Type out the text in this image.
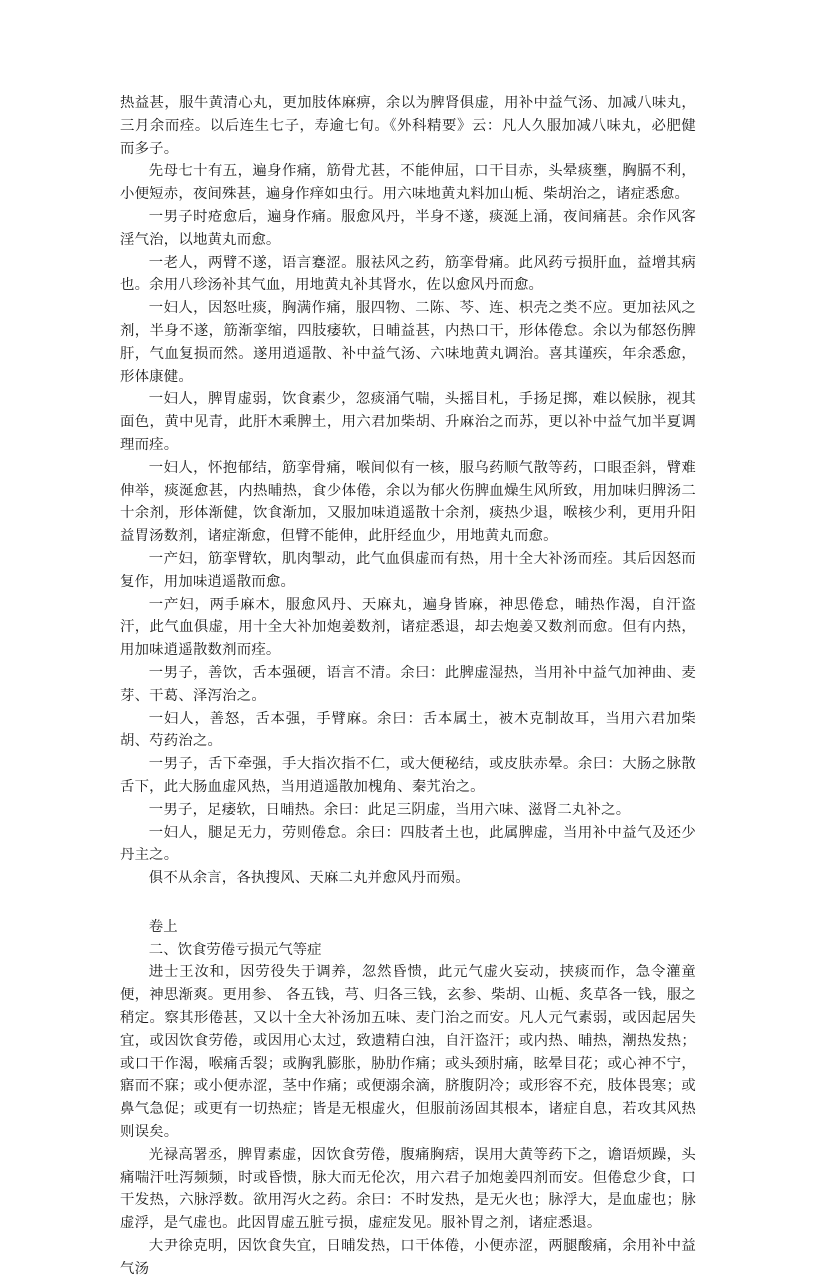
热益甚，服牛黄清心丸，更加肢体麻痹，余以为脾肾俱虚，用补中益气汤、加减八味丸，三月余而痊。以后连生七子，寿逾七旬。《外科精要》云：凡人久服加减八味丸，必肥健而多子。

先母七十有五，遍身作痛，筋骨尤甚，不能伸屈，口干目赤，头晕痰壅，胸膈不利，小便短赤，夜间殊甚，遍身作痒如虫行。用六味地黄丸料加山栀、柴胡治之，诸症悉愈。

一男子时疮愈后，遍身作痛。服愈风丹，半身不遂，痰涎上涌，夜间痛甚。余作风客淫气治，以地黄丸而愈。

一老人，两臂不遂，语言蹇涩。服祛风之药，筋挛骨痛。此风药亏损肝血，益增其病也。余用八珍汤补其气血，用地黄丸补其肾水，佐以愈风丹而愈。

一妇人，因怒吐痰，胸满作痛，服四物、二陈、芩、连、枳壳之类不应。更加祛风之剂，半身不遂，筋渐挛缩，四肢痿软，日晡益甚，内热口干，形体倦怠。余以为郁怒伤脾肝，气血复损而然。遂用逍遥散、补中益气汤、六味地黄丸调治。喜其谨疾，年余悉愈，形体康健。

一妇人，脾胃虚弱，饮食素少，忽痰涌气喘，头摇目札，手扬足掷，难以候脉，视其面色，黄中见青，此肝木乘脾土，用六君加柴胡、升麻治之而苏，更以补中益气加半夏调理而痊。

一妇人，怀抱郁结，筋挛骨痛，喉间似有一核，服乌药顺气散等药，口眼歪斜，臂难伸举，痰涎愈甚，内热晡热，食少体倦，余以为郁火伤脾血燥生风所致，用加味归脾汤二十余剂，形体渐健，饮食渐加，又服加味逍遥散十余剂，痰热少退，喉核少利，更用升阳益胃汤数剂，诸症渐愈，但臂不能伸，此肝经血少，用地黄丸而愈。

一产妇，筋挛臂软，肌肉掣动，此气血俱虚而有热，用十全大补汤而痊。其后因怒而复作，用加味逍遥散而愈。

一产妇，两手麻木，服愈风丹、天麻丸，遍身皆麻，神思倦怠，晡热作渴，自汗盗汗，此气血俱虚，用十全大补加炮姜数剂，诸症悉退，却去炮姜又数剂而愈。但有内热，用加味逍遥散数剂而痊。

一男子，善饮，舌本强硬，语言不清。余曰：此脾虚湿热，当用补中益气加神曲、麦芽、干葛、泽泻治之。

一妇人，善怒，舌本强，手臂麻。余曰：舌本属土，被木克制故耳，当用六君加柴胡、芍药治之。

一男子，舌下牵强，手大指次指不仁，或大便秘结，或皮肤赤晕。余曰：大肠之脉散舌下，此大肠血虚风热，当用逍遥散加槐角、秦艽治之。

一男子，足痿软，日晡热。余曰：此足三阴虚，当用六味、滋肾二丸补之。

一妇人，腿足无力，劳则倦怠。余曰：四肢者土也，此属脾虚，当用补中益气及还少丹主之。

俱不从余言，各执搜风、天麻二丸并愈风丹而殒。

卷上
二、饮食劳倦亏损元气等症

进士王汝和，因劳役失于调养，忽然昏愦，此元气虚火妄动，挟痰而作，急令灌童便，神思渐爽。更用参、 各五钱，芎、归各三钱，玄参、柴胡、山栀、炙草各一钱，服之稍定。察其形倦甚，又以十全大补汤加五味、麦门治之而安。凡人元气素弱，或因起居失宜，或因饮食劳倦，或因用心太过，致遗精白浊，自汗盗汗；或内热、晡热，潮热发热；或口干作渴，喉痛舌裂；或胸乳膨胀，胁肋作痛；或头颈肘痛，眩晕目花；或心神不宁，寤而不寐；或小便赤涩，茎中作痛；或便溺余滴，脐腹阴冷；或形容不充，肢体畏寒；或鼻气急促；或更有一切热症；皆是无根虚火，但服前汤固其根本，诸症自息，若攻其风热则误矣。

光禄高署丞，脾胃素虚，因饮食劳倦，腹痛胸痞，误用大黄等药下之，谵语烦躁，头痛喘汗吐泻频频，时或昏愦，脉大而无伦次，用六君子加炮姜四剂而安。但倦怠少食，口干发热，六脉浮数。欲用泻火之药。余曰：不时发热，是无火也；脉浮大，是血虚也；脉虚浮，是气虚也。此因胃虚五脏亏损，虚症发见。服补胃之剂，诸症悉退。

大尹徐克明，因饮食失宜，日晡发热，口干体倦，小便赤涩，两腿酸痛，余用补中益气汤
